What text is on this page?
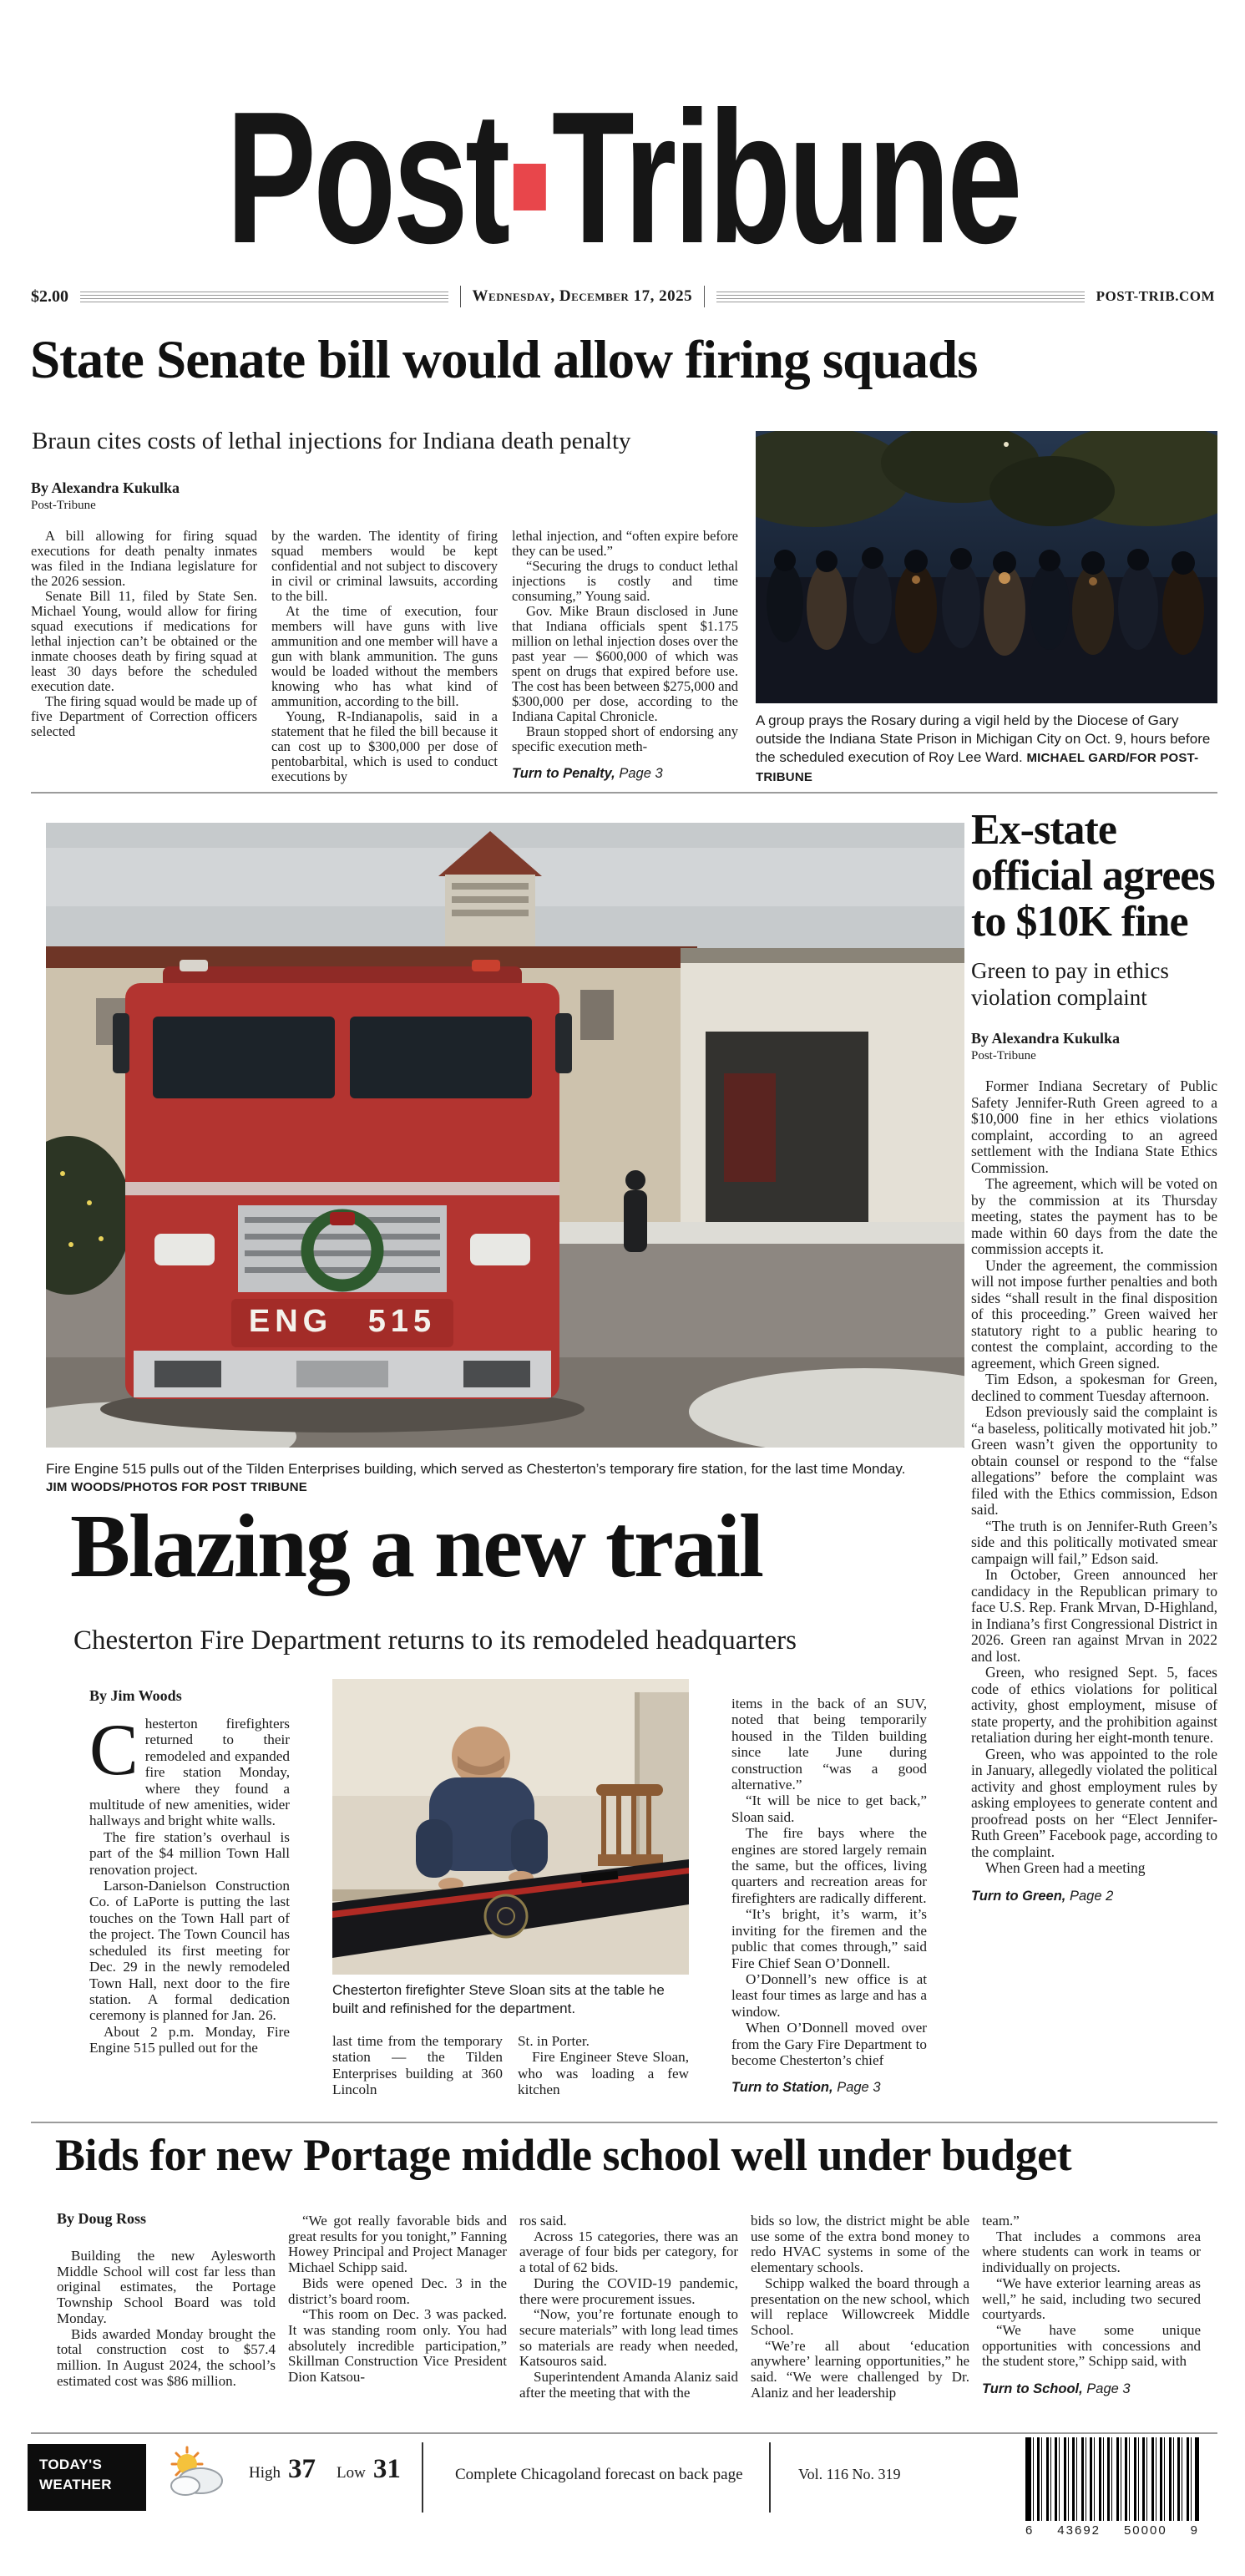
Post Tribune
$2.00	Wednesday, December 17, 2025	POST-TRIB.COM
State Senate bill would allow firing squads
Braun cites costs of lethal injections for Indiana death penalty
By Alexandra Kukulka
Post-Tribune

A bill allowing for firing squad executions for death penalty inmates was filed in the Indiana legislature for the 2026 session.

Senate Bill 11, filed by State Sen. Michael Young, would allow for firing squad executions if medications for lethal injection can’t be obtained or the inmate chooses death by firing squad at least 30 days before the scheduled execution date.

The firing squad would be made up of five Department of Correction officers selected

by the warden. The identity of firing squad members would be kept confidential and not subject to discovery in civil or criminal lawsuits, according to the bill.

At the time of execution, four members will have guns with live ammunition and one member will have a gun with blank ammunition. The guns would be loaded without the members knowing who has what kind of ammunition, according to the bill.

Young, R-Indianapolis, said in a statement that he filed the bill because it can cost up to $300,000 per dose of pentobarbital, which is used to conduct executions by

lethal injection, and “often expire before they can be used.”

“Securing the drugs to conduct lethal injections is costly and time consuming,” Young said.

Gov. Mike Braun disclosed in June that Indiana officials spent $1.175 million on lethal injection doses over the past year — $600,000 of which was spent on drugs that expired before use. The cost has been between $275,000 and $300,000 per dose, according to the Indiana Capital Chronicle.

Braun stopped short of endorsing any specific execution meth-

Turn to Penalty, Page 3
A group prays the Rosary during a vigil held by the Diocese of Gary outside the Indiana State Prison in Michigan City on Oct. 9, hours before the scheduled execution of Roy Lee Ward. MICHAEL GARD/FOR POST-TRIBUNE
ENG 515
Fire Engine 515 pulls out of the Tilden Enterprises building, which served as Chesterton’s temporary fire station, for the last time Monday.
JIM WOODS/PHOTOS FOR POST TRIBUNE
Ex-state official agrees to $10K fine
Green to pay in ethics violation complaint
By Alexandra Kukulka
Post-Tribune

Former Indiana Secretary of Public Safety Jennifer-Ruth Green agreed to a $10,000 fine in her ethics violations complaint, according to an agreed settlement with the Indiana State Ethics Commission.

The agreement, which will be voted on by the commission at its Thursday meeting, states the payment has to be made within 60 days from the date the commission accepts it.

Under the agreement, the commission will not impose further penalties and both sides “shall result in the final disposition of this proceeding.” Green waived her statutory right to a public hearing to contest the complaint, according to the agreement, which Green signed.

Tim Edson, a spokesman for Green, declined to comment Tuesday afternoon.

Edson previously said the complaint is “a baseless, politically motivated hit job.” Green wasn’t given the opportunity to obtain counsel or respond to the “false allegations” before the complaint was filed with the Ethics commission, Edson said.

“The truth is on Jennifer-Ruth Green’s side and this politically motivated smear campaign will fail,” Edson said.

In October, Green announced her candidacy in the Republican primary to face U.S. Rep. Frank Mrvan, D-Highland, in Indiana’s first Congressional District in 2026. Green ran against Mrvan in 2022 and lost.

Green, who resigned Sept. 5, faces code of ethics violations for political activity, ghost employment, misuse of state property, and the prohibition against retaliation during her eight-month tenure.

Green, who was appointed to the role in January, allegedly violated the political activity and ghost employment rules by asking employees to generate content and proofread posts on her “Elect Jennifer-Ruth Green” Facebook page, according to the complaint.

When Green had a meeting

Turn to Green, Page 2
Blazing a new trail
Chesterton Fire Department returns to its remodeled headquarters
By Jim Woods

Chesterton firefighters returned to their remodeled and expanded fire station Monday, where they found a multitude of new amenities, wider hallways and bright white walls.

The fire station’s overhaul is part of the $4 million Town Hall renovation project.

Larson-Danielson Construction Co. of LaPorte is putting the last touches on the Town Hall part of the project. The Town Council has scheduled its first meeting for Dec. 29 in the newly remodeled Town Hall, next door to the fire station. A formal dedication ceremony is planned for Jan. 26.

About 2 p.m. Monday, Fire Engine 515 pulled out for the

Chesterton firefighter Steve Sloan sits at the table he built and refinished for the department.

last time from the temporary station — the Tilden Enterprises building at 360 Lincoln

St. in Porter.

Fire Engineer Steve Sloan, who was loading a few kitchen

items in the back of an SUV, noted that being temporarily housed in the Tilden building since late June during construction “was a good alternative.”

“It will be nice to get back,” Sloan said.

The fire bays where the engines are stored largely remain the same, but the offices, living quarters and recreation areas for firefighters are radically different.

“It’s bright, it’s warm, it’s inviting for the firemen and the public that comes through,” said Fire Chief Sean O’Donnell.

O’Donnell’s new office is at least four times as large and has a window.

When O’Donnell moved over from the Gary Fire Department to become Chesterton’s chief

Turn to Station, Page 3
Bids for new Portage middle school well under budget
By Doug Ross

Building the new Aylesworth Middle School will cost far less than original estimates, the Portage Township School Board was told Monday.

Bids awarded Monday brought the total construction cost to $57.4 million. In August 2024, the school’s estimated cost was $86 million.

“We got really favorable bids and great results for you tonight,” Fanning Howey Principal and Project Manager Michael Schipp said.

Bids were opened Dec. 3 in the district’s board room.

“This room on Dec. 3 was packed. It was standing room only. You had absolutely incredible participation,” Skillman Construction Vice President Dion Katsou-

ros said.

Across 15 categories, there was an average of four bids per category, for a total of 62 bids.

During the COVID-19 pandemic, there were procurement issues.

“Now, you’re fortunate enough to secure materials” with long lead times so materials are ready when needed, Katsouros said.

Superintendent Amanda Alaniz said after the meeting that with the

bids so low, the district might be able use some of the extra bond money to redo HVAC systems in some of the elementary schools.

Schipp walked the board through a presentation on the new school, which will replace Willowcreek Middle School.

“We’re all about ‘education anywhere’ learning opportunities,” he said. “We were challenged by Dr. Alaniz and her leadership

team.”

That includes a commons area where students can work in teams or individually on projects.

“We have exterior learning areas as well,” he said, including two secured courtyards.

“We have some unique opportunities with concessions and the student store,” Schipp said, with

Turn to School, Page 3
TODAY'S
WEATHER
High 37 Low 31	Complete Chicagoland forecast on back page	Vol. 116 No. 319
6 43692 50000 9
